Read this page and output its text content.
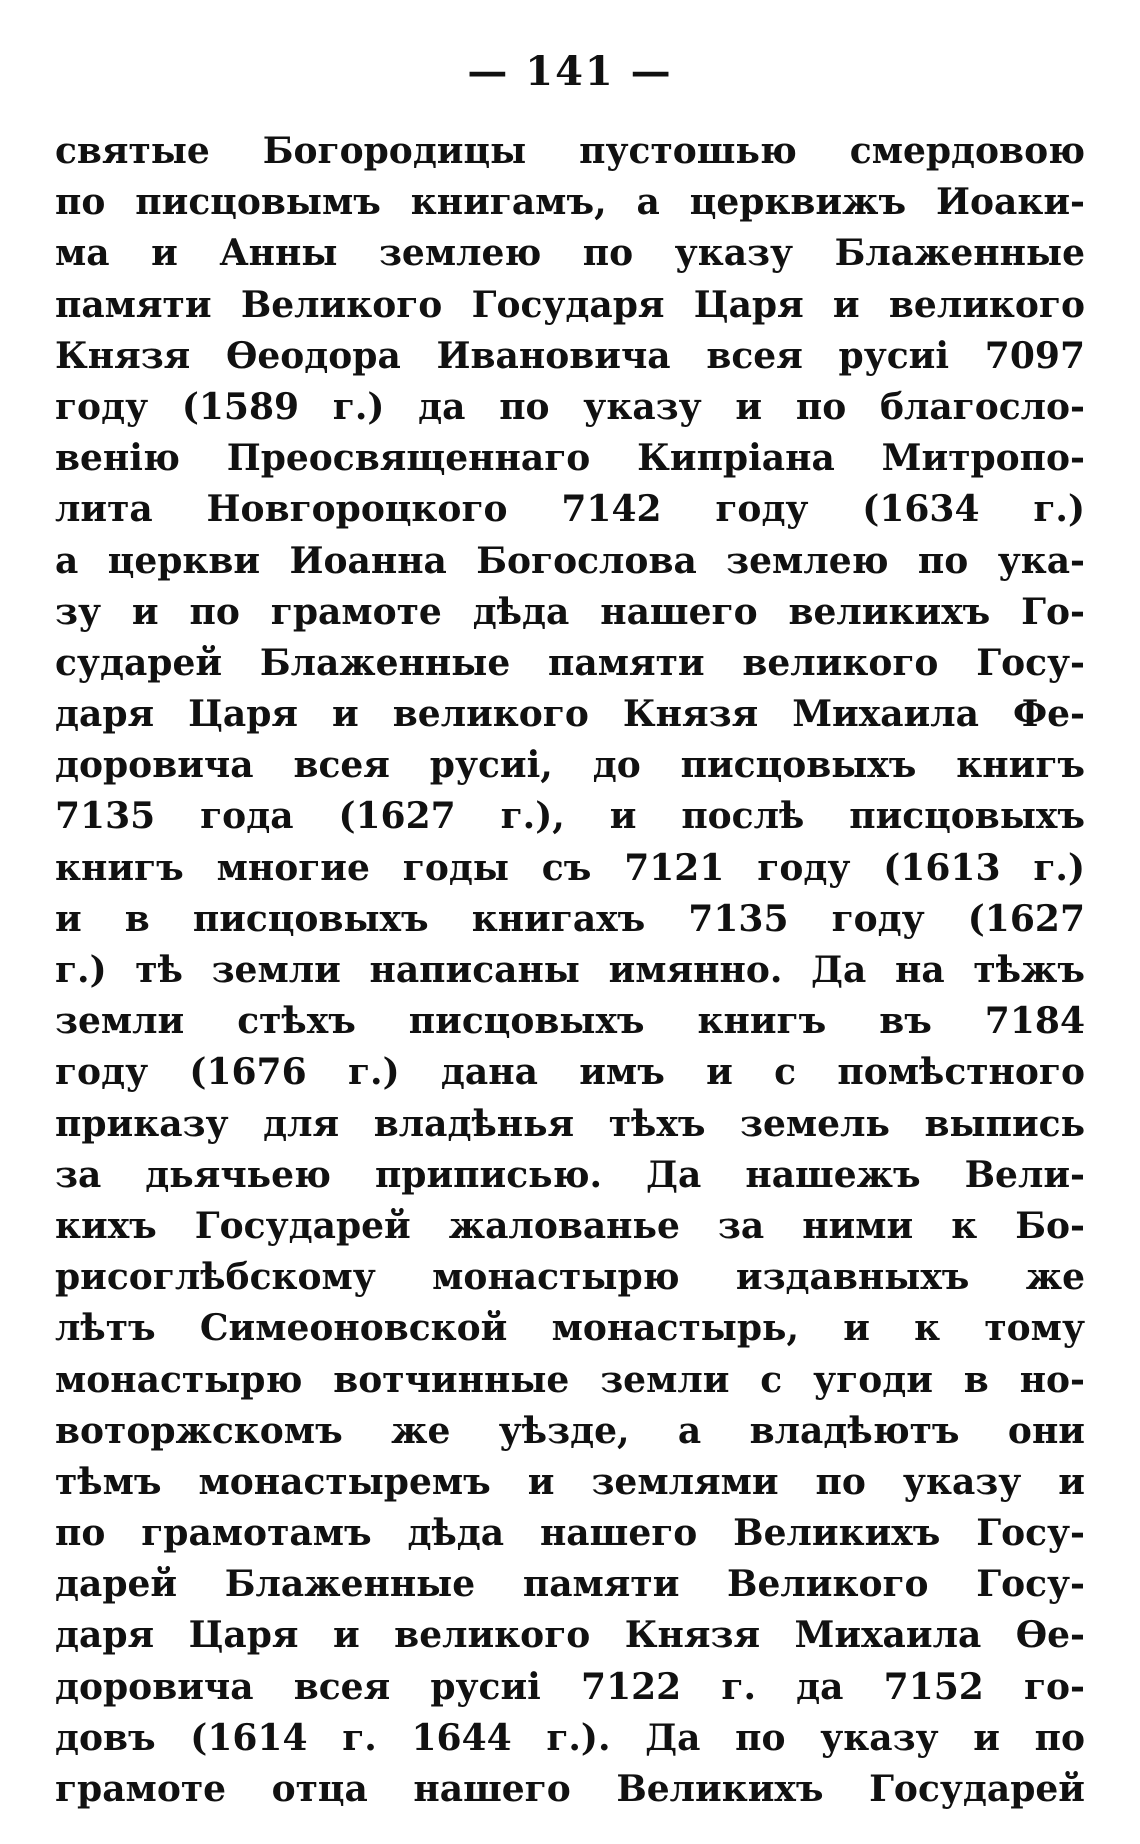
— 141 —
святые Богородицы пустошью смердовою
по писцовымъ книгамъ, а церквижъ Иоаки-
ма и Анны землею по указу Блаженные
памяти Великого Государя Царя и великого
Князя Өеодора Ивановича всея русиі 7097
году (1589 г.) да по указу и по благосло-
венію Преосвященнаго Кипріана Митропо-
лита Новгороцкого 7142 году (1634 г.)
а церкви Иоанна Богослова землею по ука-
зу и по грамоте дѣда нашего великихъ Го-
сударей Блаженные памяти великого Госу-
даря Царя и великого Князя Михаила Фе-
доровича всея русиі, до писцовыхъ книгъ
7135 года (1627 г.), и послѣ писцовыхъ
книгъ многие годы съ 7121 году (1613 г.)
и в писцовыхъ книгахъ 7135 году (1627
г.) тѣ земли написаны имянно. Да на тѣжъ
земли стѣхъ писцовыхъ книгъ въ 7184
году (1676 г.) дана имъ и с помѣстного
приказу для владѣнья тѣхъ земель выпись
за дьячьею приписью. Да нашежъ Вели-
кихъ Государей жалованье за ними к Бо-
рисоглѣбскому монастырю издавныхъ же
лѣтъ Симеоновской монастырь, и к тому
монастырю вотчинные земли с угоди в но-
воторжскомъ же уѣзде, а владѣютъ они
тѣмъ монастыремъ и землями по указу и
по грамотамъ дѣда нашего Великихъ Госу-
дарей Блаженные памяти Великого Госу-
даря Царя и великого Князя Михаила Өе-
доровича всея русиі 7122 г. да 7152 го-
довъ (1614 г. 1644 г.). Да по указу и по
грамоте отца нашего Великихъ Государей
